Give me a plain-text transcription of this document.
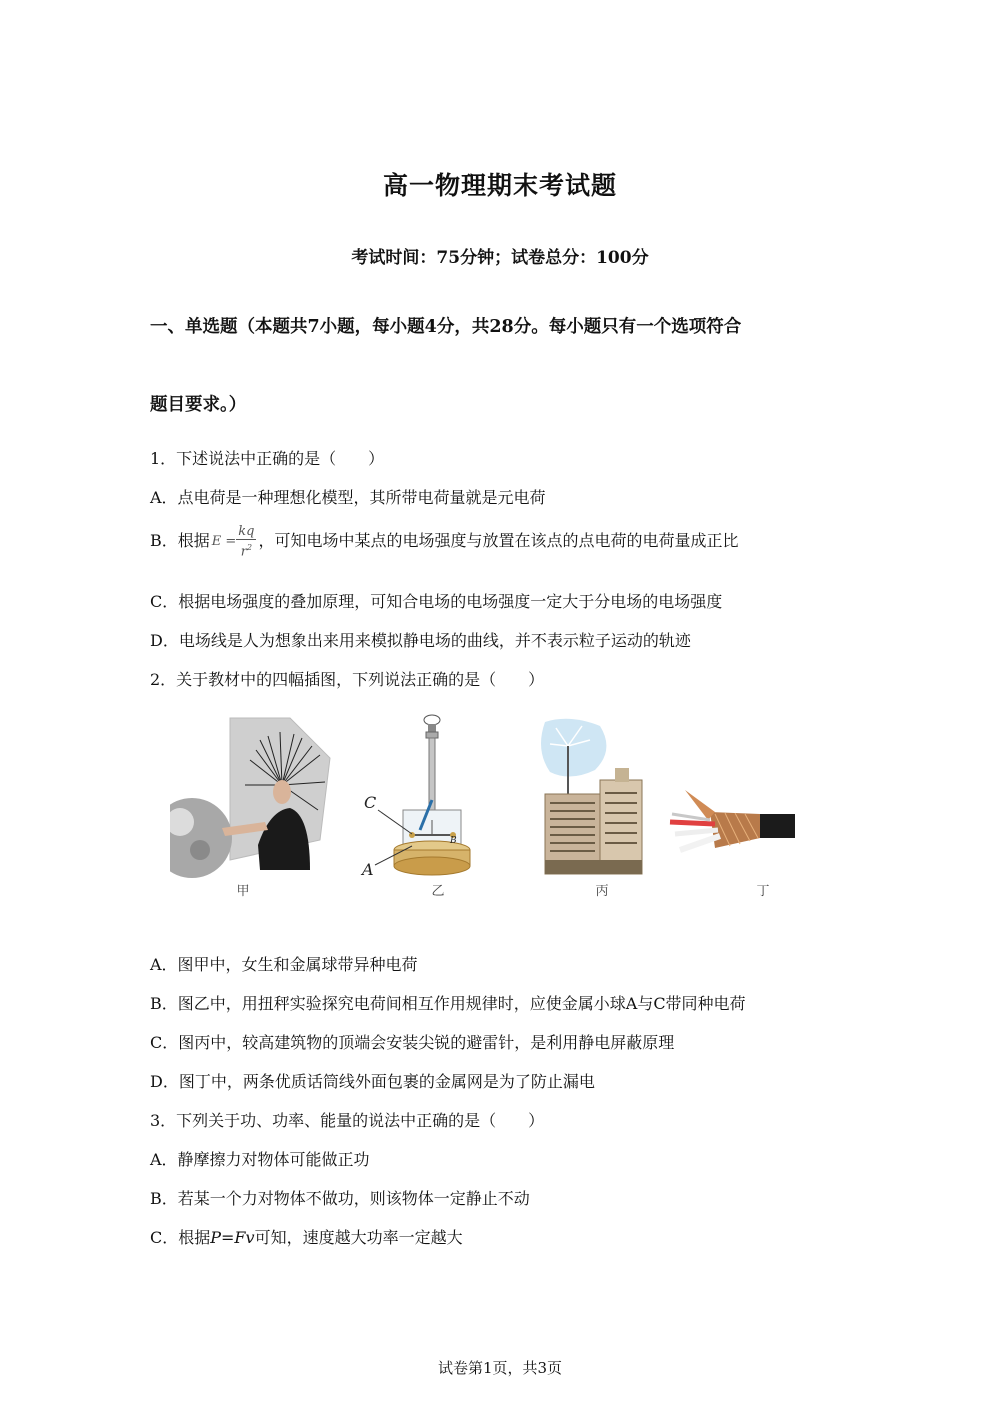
高一物理期末考试题
考试时间：75分钟；试卷总分：100分
一、单选题（本题共7小题，每小题4分，共28分。每小题只有一个选项符合
题目要求。）
1．下述说法中正确的是（　　）
A．点电荷是一种理想化模型，其所带电荷量就是元电荷
B．根据 $E = \frac{kq}{r^2}$ ，可知电场中某点的电场强度与放置在该点的点电荷的电荷量成正比
C．根据电场强度的叠加原理，可知合电场的电场强度一定大于分电场的电场强度
D．电场线是人为想象出来用来模拟静电场的曲线，并不表示粒子运动的轨迹
2．关于教材中的四幅插图，下列说法正确的是（　　）
甲
C
A
B
乙	丙	丁
A．图甲中，女生和金属球带异种电荷
B．图乙中，用扭秤实验探究电荷间相互作用规律时，应使金属小球A与C带同种电荷
C．图丙中，较高建筑物的顶端会安装尖锐的避雷针，是利用静电屏蔽原理
D．图丁中，两条优质话筒线外面包裹的金属网是为了防止漏电
3．下列关于功、功率、能量的说法中正确的是（　　）
A．静摩擦力对物体可能做正功
B．若某一个力对物体不做功，则该物体一定静止不动
C．根据P=Fv可知，速度越大功率一定越大
试卷第1页，共3页
